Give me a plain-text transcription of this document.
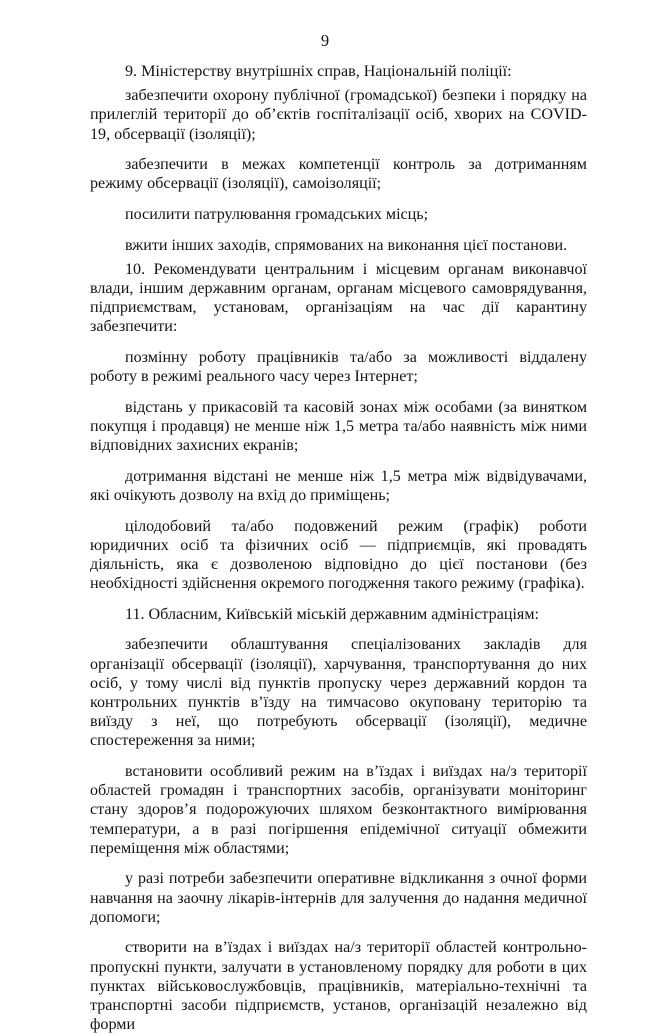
9

9. Міністерству внутрішніх справ, Національній поліції:

забезпечити охорону публічної (громадської) безпеки і порядку на прилеглій території до об’єктів госпіталізації осіб, хворих на COVID-19, обсервації (ізоляції);

забезпечити в межах компетенції контроль за дотриманням режиму обсервації (ізоляції), самоізоляції;

посилити патрулювання громадських місць;

вжити інших заходів, спрямованих на виконання цієї постанови.

10. Рекомендувати центральним і місцевим органам виконавчої влади, іншим державним органам, органам місцевого самоврядування, підприємствам, установам, організаціям на час дії карантину забезпечити:

позмінну роботу працівників та/або за можливості віддалену роботу в режимі реального часу через Інтернет;

відстань у прикасовій та касовій зонах між особами (за винятком покупця і продавця) не менше ніж 1,5 метра та/або наявність між ними відповідних захисних екранів;

дотримання відстані не менше ніж 1,5 метра між відвідувачами, які очікують дозволу на вхід до приміщень;

цілодобовий та/або подовжений режим (графік) роботи юридичних осіб та фізичних осіб — підприємців, які провадять діяльність, яка є дозволеною відповідно до цієї постанови (без необхідності здійснення окремого погодження такого режиму (графіка).

11. Обласним, Київській міській державним адміністраціям:

забезпечити облаштування спеціалізованих закладів для організації обсервації (ізоляції), харчування, транспортування до них осіб, у тому числі від пунктів пропуску через державний кордон та контрольних пунктів в’їзду на тимчасово окуповану територію та виїзду з неї, що потребують обсервації (ізоляції), медичне спостереження за ними;

встановити особливий режим на в’їздах і виїздах на/з території областей громадян і транспортних засобів, організувати моніторинг стану здоров’я подорожуючих шляхом безконтактного вимірювання температури, а в разі погіршення епідемічної ситуації обмежити переміщення між областями;

у разі потреби забезпечити оперативне відкликання з очної форми навчання на заочну лікарів-інтернів для залучення до надання медичної допомоги;

створити на в’їздах і виїздах на/з території областей контрольно-пропускні пункти, залучати в установленому порядку для роботи в цих пунктах військовослужбовців, працівників, матеріально-технічні та транспортні засоби підприємств, установ, організацій незалежно від форми
